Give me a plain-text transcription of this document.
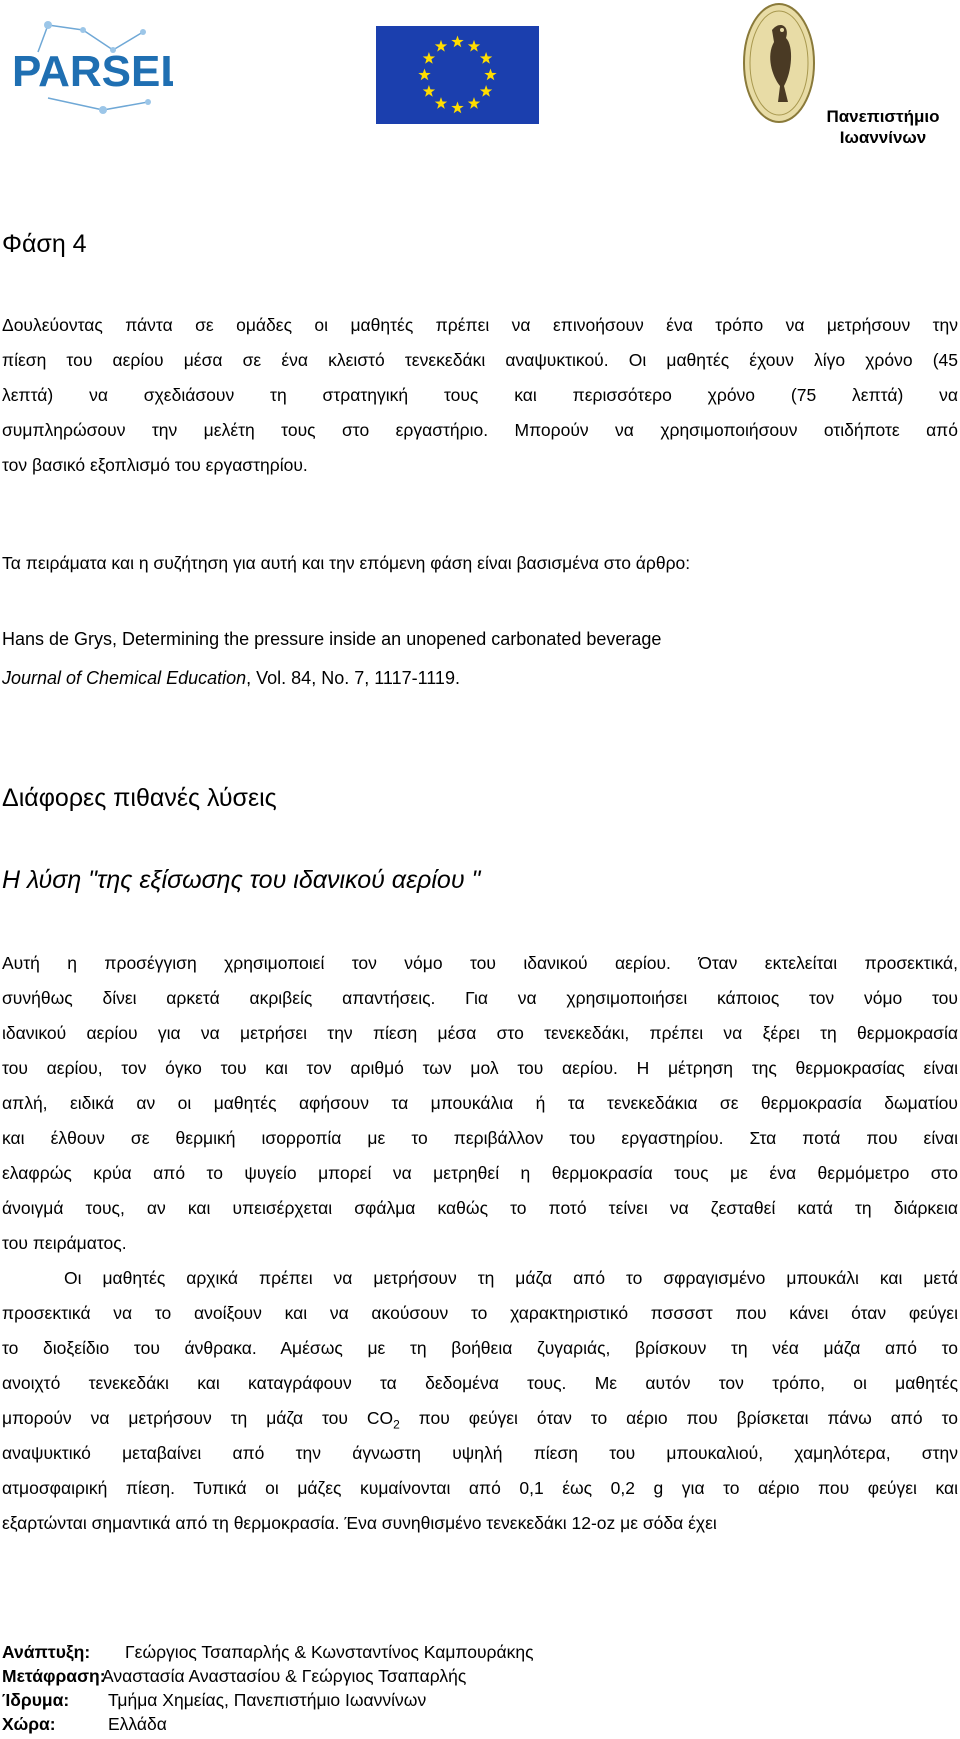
PARSEL
Πανεπιστήμιο
Ιωαννίνων
Φάση 4
Δουλεύοντας πάντα σε ομάδες οι μαθητές πρέπει να επινοήσουν ένα τρόπο να μετρήσουν την
πίεση του αερίου μέσα σε ένα κλειστό τενεκεδάκι αναψυκτικού. Οι μαθητές έχουν λίγο χρόνο (45
λεπτά) να σχεδιάσουν τη στρατηγική τους και περισσότερο χρόνο (75 λεπτά) να
συμπληρώσουν την μελέτη τους στο εργαστήριο. Μπορούν να χρησιμοποιήσουν οτιδήποτε από
τον βασικό εξοπλισμό του εργαστηρίου.
Τα πειράματα και η συζήτηση για αυτή και την επόμενη φάση είναι βασισμένα στο άρθρο:
Hans de Grys, Determining the pressure inside an unopened carbonated beverage
Journal of Chemical Education, Vol. 84, No. 7, 1117-1119.
Διάφορες πιθανές λύσεις
Η λύση "της εξίσωσης του ιδανικού αερίου "
Αυτή η προσέγγιση χρησιμοποιεί τον νόμο του ιδανικού αερίου. Όταν εκτελείται προσεκτικά,
συνήθως δίνει αρκετά ακριβείς απαντήσεις. Για να χρησιμοποιήσει κάποιος τον νόμο του
ιδανικού αερίου για να μετρήσει την πίεση μέσα στο τενεκεδάκι, πρέπει να ξέρει τη θερμοκρασία
του αερίου, τον όγκο του και τον αριθμό των μολ του αερίου. Η μέτρηση της θερμοκρασίας είναι
απλή, ειδικά αν οι μαθητές αφήσουν τα μπουκάλια ή τα τενεκεδάκια σε θερμοκρασία δωματίου
και έλθουν σε θερμική ισορροπία με το περιβάλλον του εργαστηρίου. Στα ποτά που είναι
ελαφρώς κρύα από το ψυγείο μπορεί να μετρηθεί η θερμοκρασία τους με ένα θερμόμετρο στο
άνοιγμά τους, αν και υπεισέρχεται σφάλμα καθώς το ποτό τείνει να ζεσταθεί κατά τη διάρκεια
του πειράματος.
Οι μαθητές αρχικά πρέπει να μετρήσουν τη μάζα από το σφραγισμένο μπουκάλι και μετά
προσεκτικά να το ανοίξουν και να ακούσουν το χαρακτηριστικό πσσσστ που κάνει όταν φεύγει
το διοξείδιο του άνθρακα. Αμέσως με τη βοήθεια ζυγαριάς, βρίσκουν τη νέα μάζα από το
ανοιχτό τενεκεδάκι και καταγράφουν τα δεδομένα τους. Με αυτόν τον τρόπο, οι μαθητές
μπορούν να μετρήσουν τη μάζα του $CO_2$ που φεύγει όταν το αέριο που βρίσκεται πάνω από το
αναψυκτικό μεταβαίνει από την άγνωστη υψηλή πίεση του μπουκαλιού, χαμηλότερα, στην
ατμοσφαιρική πίεση. Τυπικά οι μάζες κυμαίνονται από 0,1 έως 0,2 g για το αέριο που φεύγει και
εξαρτώνται σημαντικά από τη θερμοκρασία. Ένα συνηθισμένο τενεκεδάκι 12-oz με σόδα έχει
Ανάπτυξη:	Γεώργιος Τσαπαρλής & Κωνσταντίνος Καμπουράκης
Μετάφραση:
Αναστασία Αναστασίου & Γεώργιος Τσαπαρλής
Ίδρυμα:	Τμήμα Χημείας, Πανεπιστήμιο Ιωαννίνων
Χώρα:	Ελλάδα
